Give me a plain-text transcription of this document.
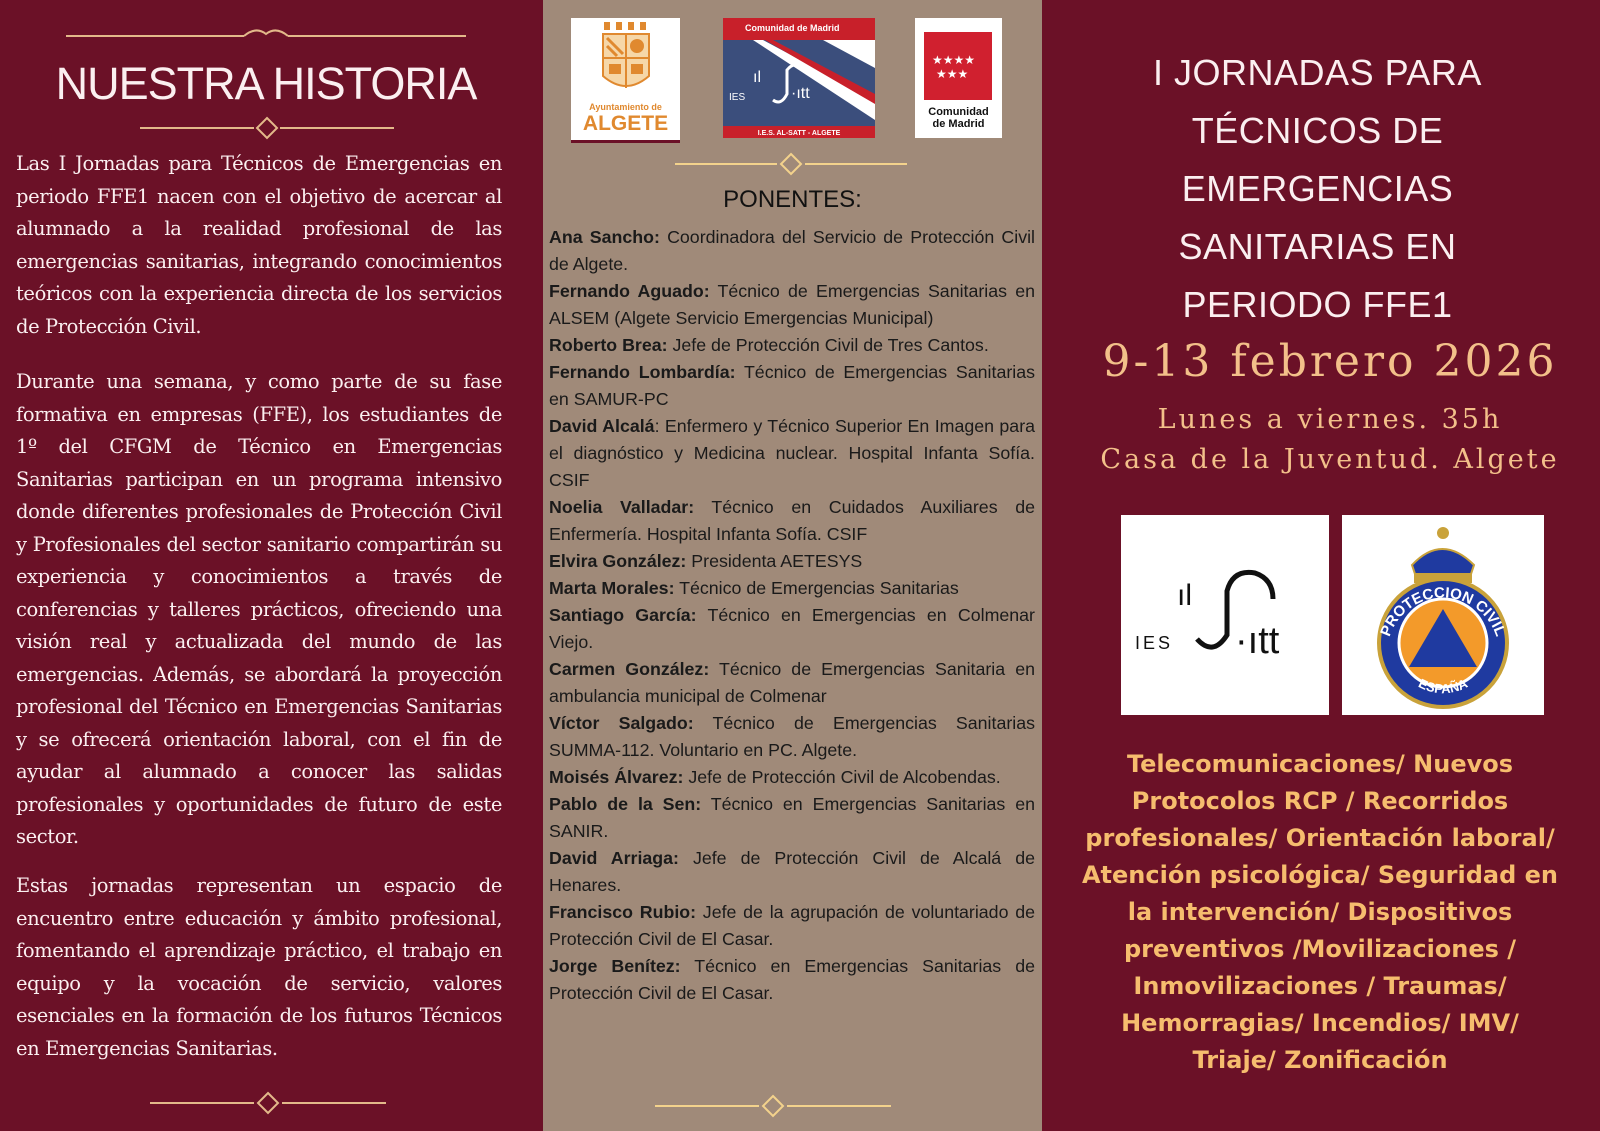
NUESTRA HISTORIA

Las I Jornadas para Técnicos de Emergencias en periodo FFE1 nacen con el objetivo de acercar al alumnado a la realidad profesional de las emergencias sanitarias, integrando conocimientos teóricos con la experiencia directa de los servicios de Protección Civil.

Durante una semana, y como parte de su fase formativa en empresas (FFE), los estudiantes de 1º del CFGM de Técnico en Emergencias Sanitarias participan en un programa intensivo donde diferentes profesionales de Protección Civil y Profesionales del sector sanitario compartirán su experiencia y conocimientos a través de conferencias y talleres prácticos, ofreciendo una visión real y actualizada del mundo de las emergencias. Además, se abordará la proyección profesional del Técnico en Emergencias Sanitarias y se ofrecerá orientación laboral, con el fin de ayudar al alumnado a conocer las salidas profesionales y oportunidades de futuro de este sector.

Estas jornadas representan un espacio de encuentro entre educación y ámbito profesional, fomentando el aprendizaje práctico, el trabajo en equipo y la vocación de servicio, valores esenciales en la formación de los futuros Técnicos en Emergencias Sanitarias.

Ayuntamiento de
ALGETE
Comunidad de Madrid
IES
ıl
·ıtt
I.E.S. AL-SATT - ALGETE
★★★★
★★★
Comunidad
de Madrid
PONENTES:
Ana Sancho: Coordinadora del Servicio de Protección Civil de Algete.
Fernando Aguado: Técnico de Emergencias Sanitarias en ALSEM (Algete Servicio Emergencias Municipal)
Roberto Brea: Jefe de Protección Civil de Tres Cantos.
Fernando Lombardía: Técnico de Emergencias Sanitarias en SAMUR-PC
David Alcalá: Enfermero y Técnico Superior En Imagen para el diagnóstico y Medicina nuclear. Hospital Infanta Sofía. CSIF
Noelia Valladar: Técnico en Cuidados Auxiliares de Enfermería. Hospital Infanta Sofía. CSIF
Elvira González: Presidenta AETESYS
Marta Morales: Técnico de Emergencias Sanitarias
Santiago García: Técnico en Emergencias en Colmenar Viejo.
Carmen González: Técnico de Emergencias Sanitaria en ambulancia municipal de Colmenar
Víctor Salgado: Técnico de Emergencias Sanitarias SUMMA-112. Voluntario en PC. Algete.
Moisés Álvarez: Jefe de Protección Civil de Alcobendas.
Pablo de la Sen: Técnico en Emergencias Sanitarias en SANIR.
David Arriaga: Jefe de Protección Civil de Alcalá de Henares.
Francisco Rubio: Jefe de la agrupación de voluntariado de Protección Civil de El Casar.
Jorge Benítez: Técnico en Emergencias Sanitarias de Protección Civil de El Casar.
I JORNADAS PARA
TÉCNICOS DE
EMERGENCIAS
SANITARIAS EN
PERIODO FFE1

9-13 febrero 2026

Lunes a viernes. 35h

Casa de la Juventud. Algete

IES
ıl
·ıtt	PROTECCION CIVIL
ESPAÑA
Telecomunicaciones/ Nuevos
Protocolos RCP / Recorridos
profesionales/ Orientación laboral/
Atención psicológica/ Seguridad en
la intervención/ Dispositivos
preventivos /Movilizaciones /
Inmovilizaciones / Traumas/
Hemorragias/ Incendios/ IMV/
Triaje/ Zonificación
